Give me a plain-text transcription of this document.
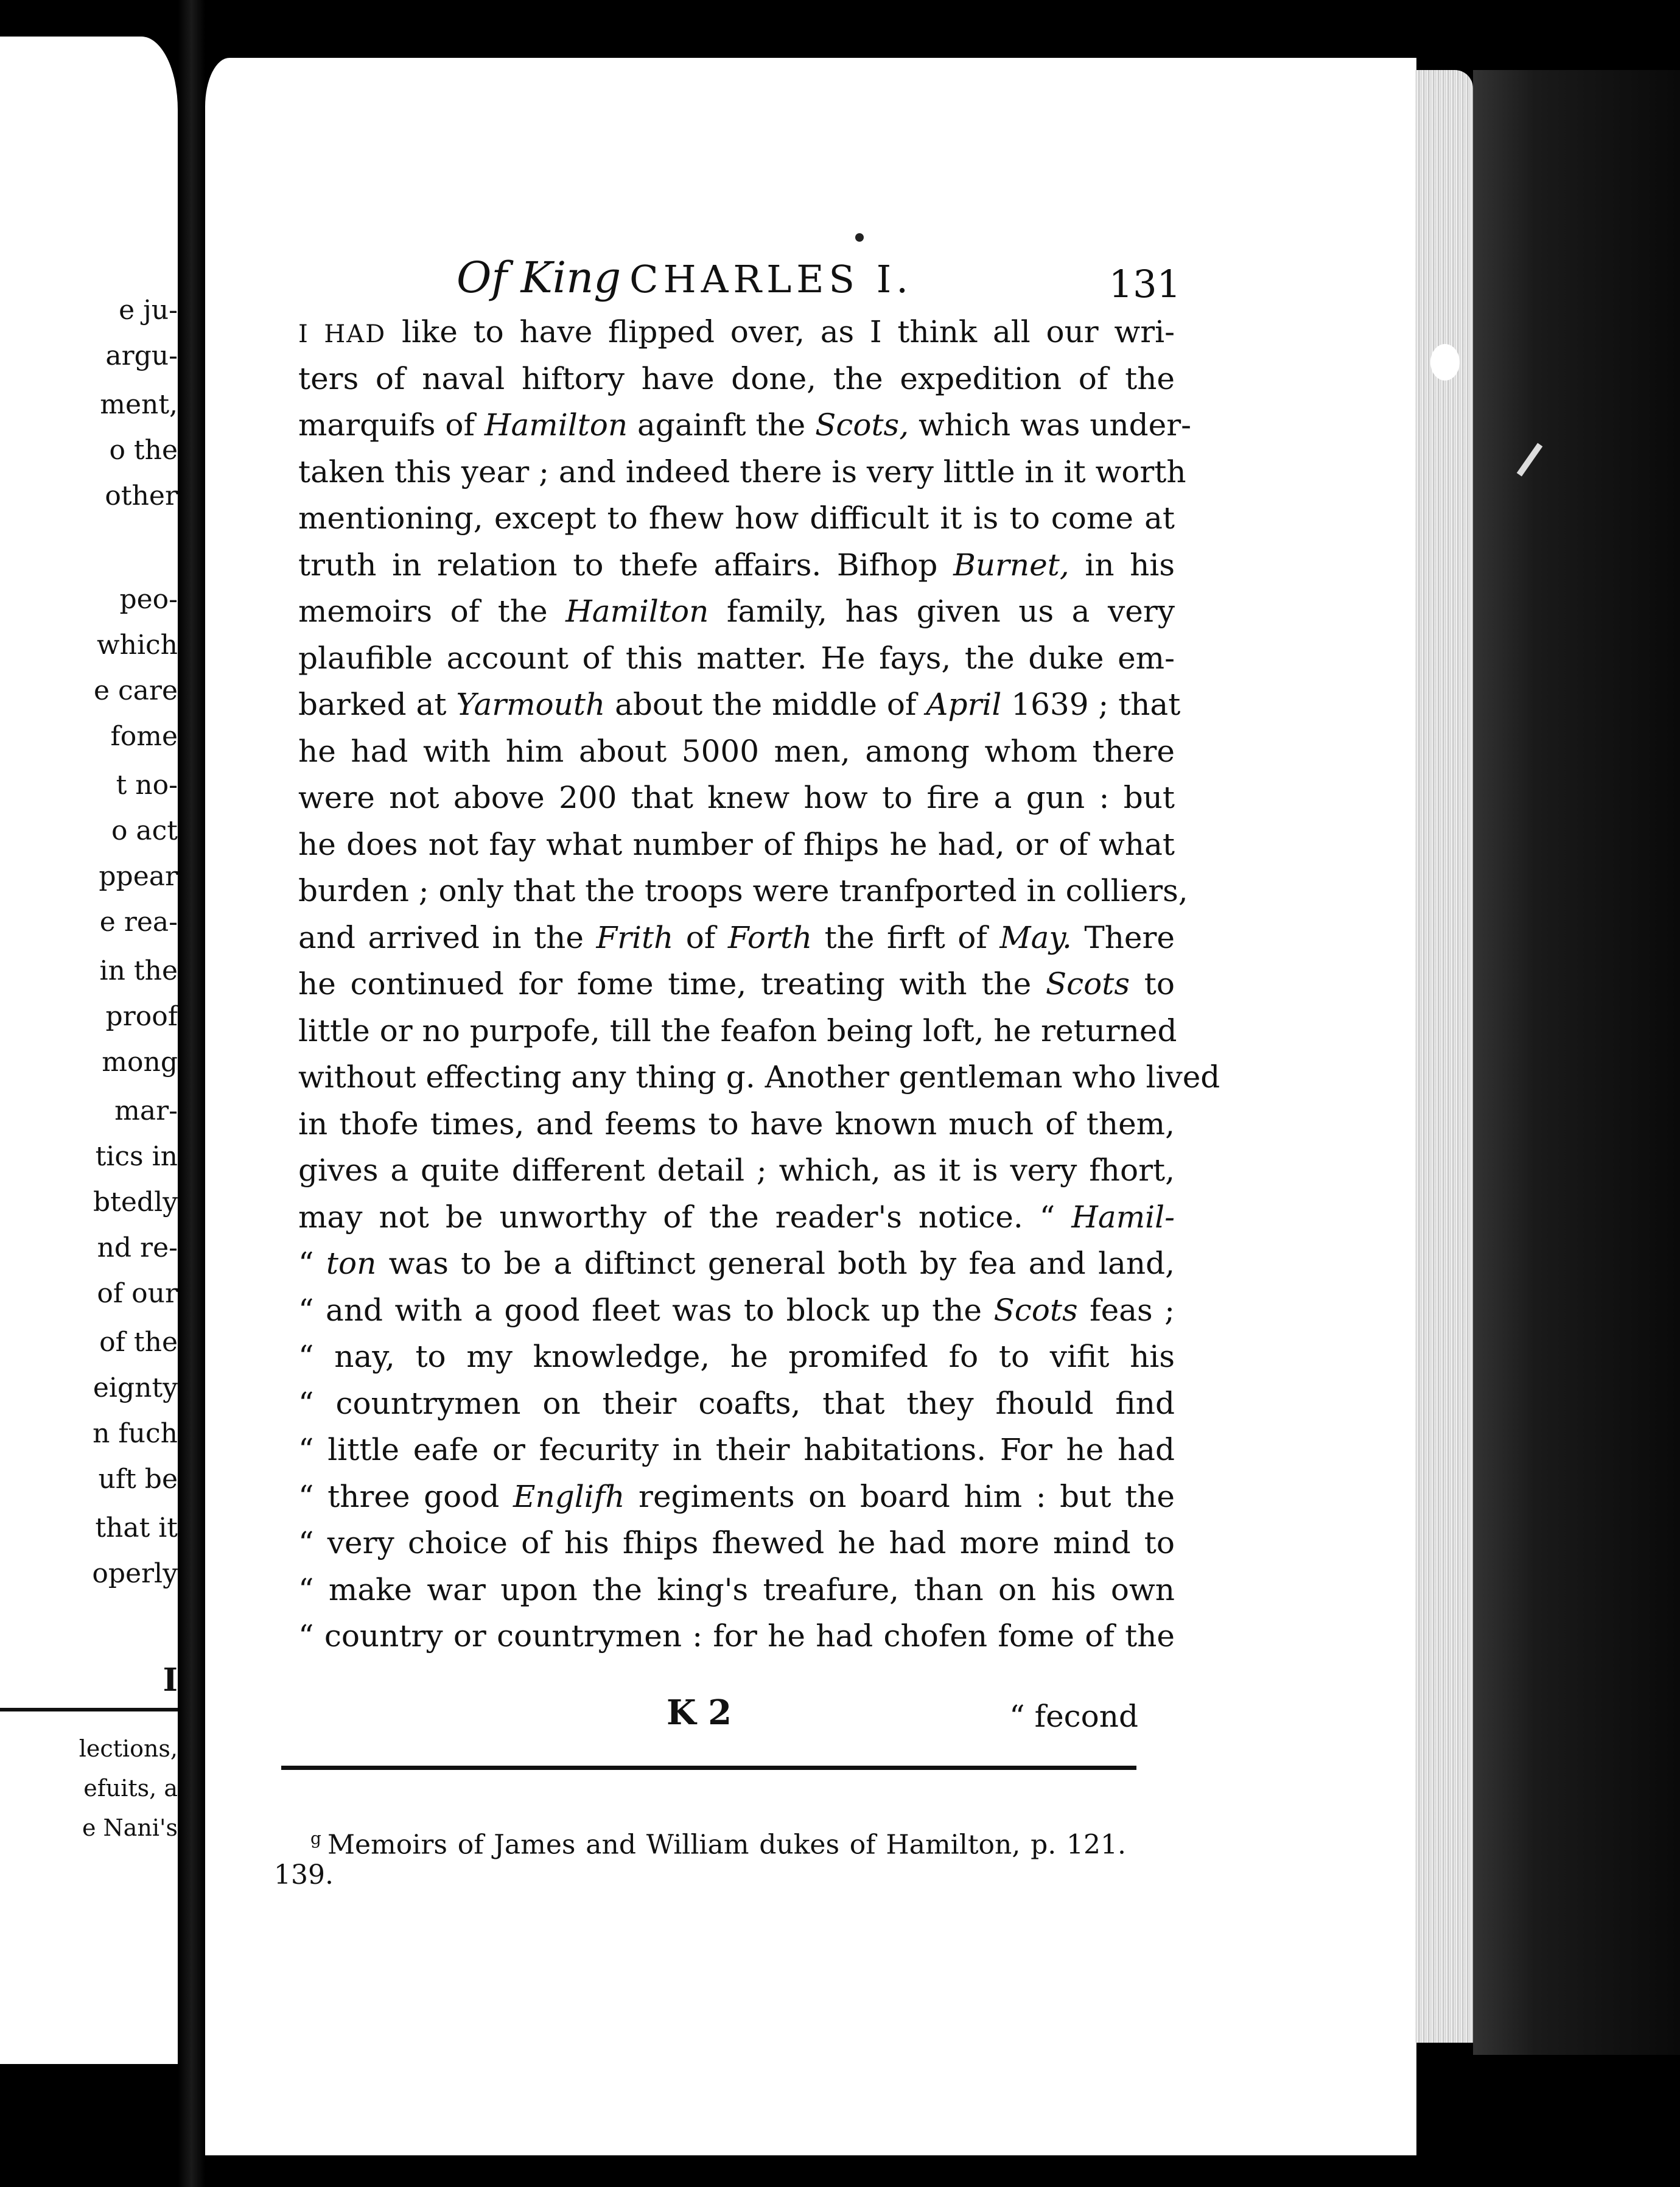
e ju-
argu-
ment,
o the
other
peo-
which
e care
fome
t no-
o act
ppear
e rea-
in the
proof
mong
mar-
tics in
btedly
nd re-
of our
of the
eignty
n fuch
uft be
that it
operly
I
lections,
efuits, a
e Nani's
Of King CHARLES I.	131
I HAD like to have flipped over, as I think all our wri-
ters of naval hiftory have done, the expedition of the
marquifs of Hamilton againft the Scots, which was under-
taken this year ; and indeed there is very little in it worth
mentioning, except to fhew how difficult it is to come at
truth in relation to thefe affairs. Bifhop Burnet, in his
memoirs of the Hamilton family, has given us a very
plaufible account of this matter. He fays, the duke em-
barked at Yarmouth about the middle of April 1639 ; that
he had with him about 5000 men, among whom there
were not above 200 that knew how to fire a gun : but
he does not fay what number of fhips he had, or of what
burden ; only that the troops were tranfported in colliers,
and arrived in the Frith of Forth the firft of May. There
he continued for fome time, treating with the Scots to
little or no purpofe, till the feafon being loft, he returned
without effecting any thing g. Another gentleman who lived
in thofe times, and feems to have known much of them,
gives a quite different detail ; which, as it is very fhort,
may not be unworthy of the reader's notice. “ Hamil-
“ ton was to be a diftinct general both by fea and land,
“ and with a good fleet was to block up the Scots feas ;
“ nay, to my knowledge, he promifed fo to vifit his
“ countrymen on their coafts, that they fhould find
“ little eafe or fecurity in their habitations. For he had
“ three good Englifh regiments on board him : but the
“ very choice of his fhips fhewed he had more mind to
“ make war upon the king's treafure, than on his own
“ country or countrymen : for he had chofen fome of the
K 2	“ fecond
$^g$ Memoirs of James and William dukes of Hamilton, p. 121.
139.
